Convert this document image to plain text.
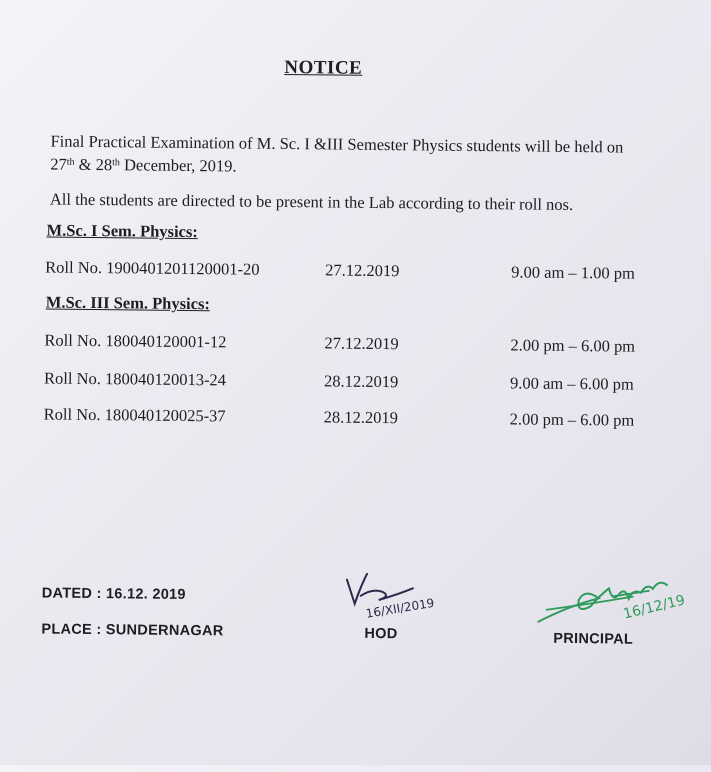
NOTICE
Final Practical Examination of M. Sc. I &III Semester Physics students will be held on
27th & 28th December, 2019.
All the students are directed to be present in the Lab according to their roll nos.
M.Sc. I Sem. Physics:
Roll No. 1900401201120001-20	27.12.2019	9.00 am – 1.00 pm
M.Sc. III Sem. Physics:
Roll No. 180040120001-12	27.12.2019	2.00 pm – 6.00 pm
Roll No. 180040120013-24	28.12.2019	9.00 am – 6.00 pm
Roll No. 180040120025-37	28.12.2019	2.00 pm – 6.00 pm
DATED : 16.12. 2019
PLACE : SUNDERNAGAR
16/XII/2019
HOD
16/12/19
PRINCIPAL
